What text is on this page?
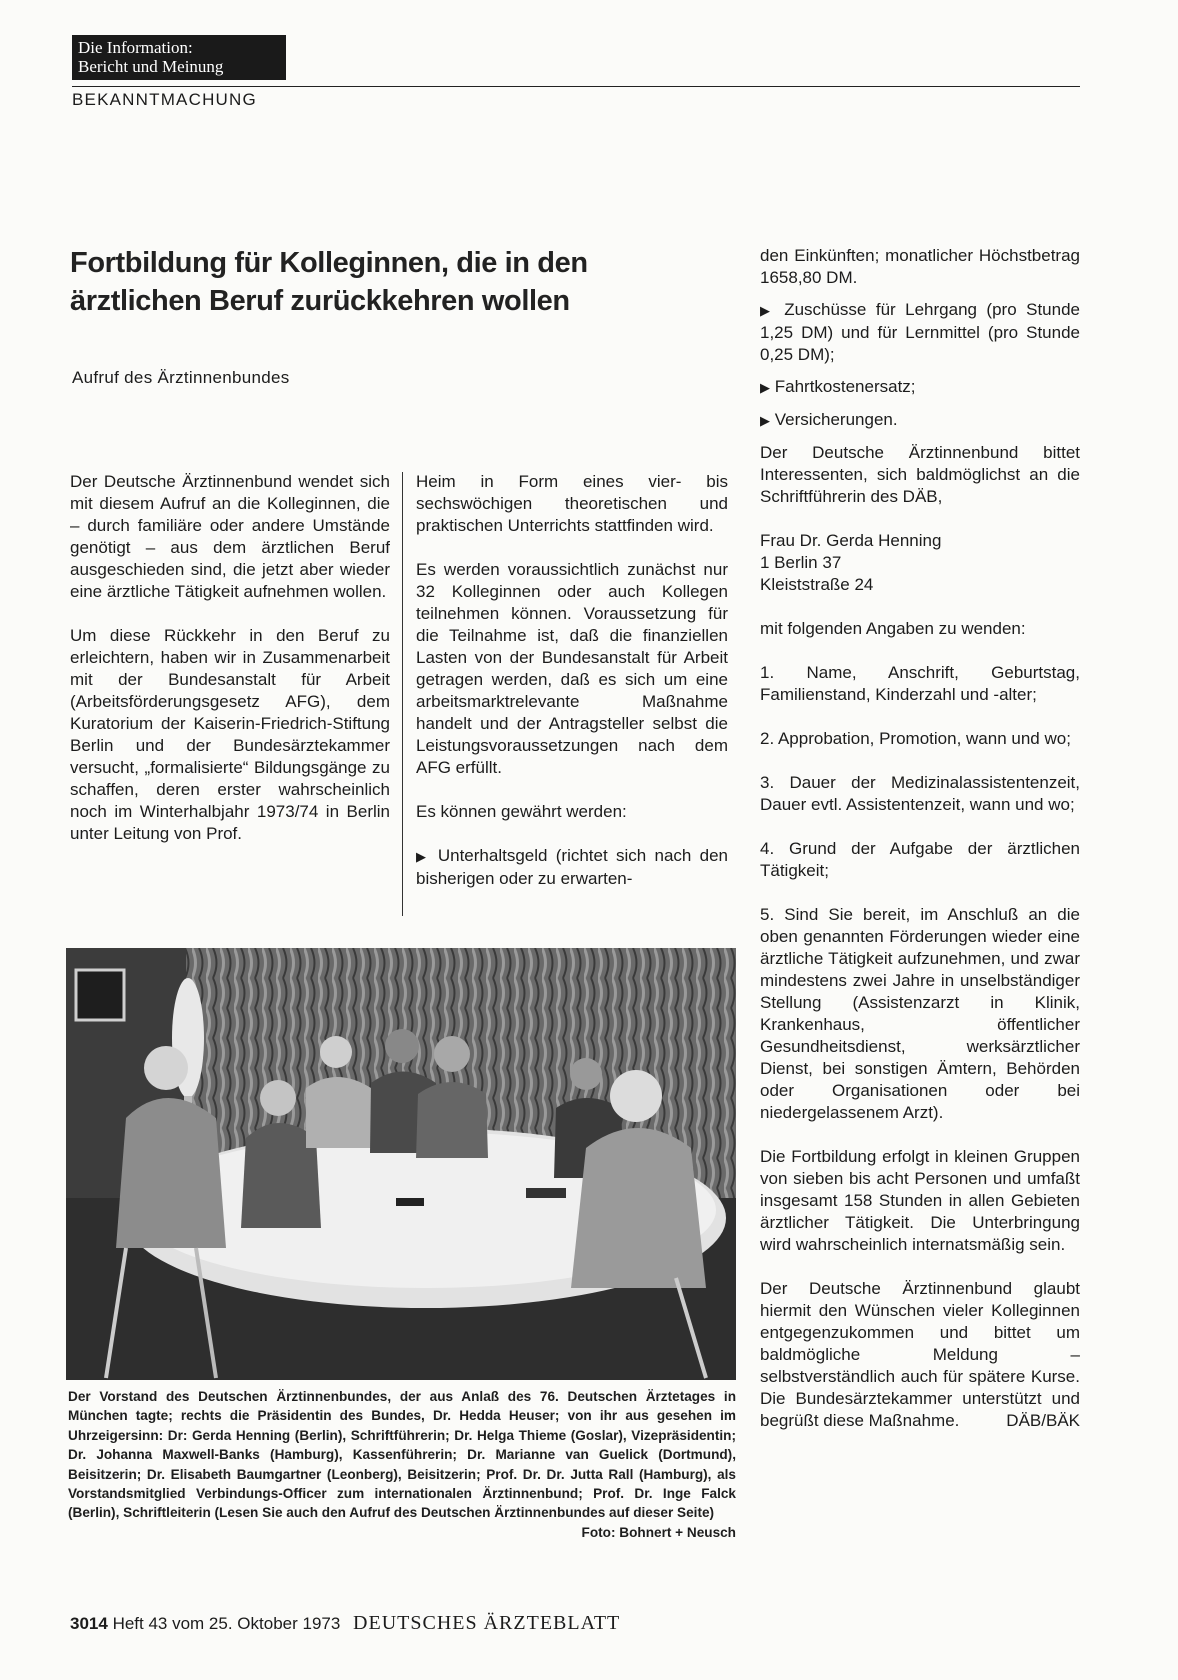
Die Information:
Bericht und Meinung
BEKANNTMACHUNG
Fortbildung für Kolleginnen, die in den
ärztlichen Beruf zurückkehren wollen
Aufruf des Ärztinnenbundes

Der Deutsche Ärztinnenbund wendet sich mit diesem Aufruf an die Kolleginnen, die – durch familiäre oder andere Umstände genötigt – aus dem ärztlichen Beruf ausgeschieden sind, die jetzt aber wieder eine ärztliche Tätigkeit aufnehmen wollen.

Um diese Rückkehr in den Beruf zu erleichtern, haben wir in Zusammenarbeit mit der Bundesanstalt für Arbeit (Arbeitsförderungsgesetz AFG), dem Kuratorium der Kaiserin-Friedrich-Stiftung Berlin und der Bundesärztekammer versucht, „formalisierte“ Bildungsgänge zu schaffen, deren erster wahrscheinlich noch im Winterhalbjahr 1973/74 in Berlin unter Leitung von Prof.

Heim in Form eines vier- bis sechswöchigen theoretischen und praktischen Unterrichts stattfinden wird.

Es werden voraussichtlich zunächst nur 32 Kolleginnen oder auch Kollegen teilnehmen können. Voraussetzung für die Teilnahme ist, daß die finanziellen Lasten von der Bundesanstalt für Arbeit getragen werden, daß es sich um eine arbeitsmarktrelevante Maßnahme handelt und der Antragsteller selbst die Leistungsvoraussetzungen nach dem AFG erfüllt.

Es können gewährt werden:

▶ Unterhaltsgeld (richtet sich nach den bisherigen oder zu erwarten-

den Einkünften; monatlicher Höchstbetrag 1658,80 DM.

▶ Zuschüsse für Lehrgang (pro Stunde 1,25 DM) und für Lernmittel (pro Stunde 0,25 DM);

▶ Fahrtkostenersatz;

▶ Versicherungen.

Der Deutsche Ärztinnenbund bittet Interessenten, sich baldmöglichst an die Schriftführerin des DÄB,

Frau Dr. Gerda Henning
1 Berlin 37
Kleiststraße 24

mit folgenden Angaben zu wenden:

1. Name, Anschrift, Geburtstag, Familienstand, Kinderzahl und -alter;

2. Approbation, Promotion, wann und wo;

3. Dauer der Medizinalassistentenzeit, Dauer evtl. Assistentenzeit, wann und wo;

4. Grund der Aufgabe der ärztlichen Tätigkeit;

5. Sind Sie bereit, im Anschluß an die oben genannten Förderungen wieder eine ärztliche Tätigkeit aufzunehmen, und zwar mindestens zwei Jahre in unselbständiger Stellung (Assistenzarzt in Klinik, Krankenhaus, öffentlicher Gesundheitsdienst, werksärztlicher Dienst, bei sonstigen Ämtern, Behörden oder Organisationen oder bei niedergelassenem Arzt).

Die Fortbildung erfolgt in kleinen Gruppen von sieben bis acht Personen und umfaßt insgesamt 158 Stunden in allen Gebieten ärztlicher Tätigkeit. Die Unterbringung wird wahrscheinlich internatsmäßig sein.

Der Deutsche Ärztinnenbund glaubt hiermit den Wünschen vieler Kolleginnen entgegenzukommen und bittet um baldmögliche Meldung – selbstverständlich auch für spätere Kurse. Die Bundesärztekammer unterstützt und begrüßt diese Maßnahme.	DÄB/BÄK

Der Vorstand des Deutschen Ärztinnenbundes, der aus Anlaß des 76. Deutschen Ärztetages in München tagte; rechts die Präsidentin des Bundes, Dr. Hedda Heuser; von ihr aus gesehen im Uhrzeigersinn: Dr: Gerda Henning (Berlin), Schriftführerin; Dr. Helga Thieme (Goslar), Vizepräsidentin; Dr. Johanna Maxwell-Banks (Hamburg), Kassenführerin; Dr. Marianne van Guelick (Dortmund), Beisitzerin; Dr. Elisabeth Baumgartner (Leonberg), Beisitzerin; Prof. Dr. Dr. Jutta Rall (Hamburg), als Vorstandsmitglied Verbindungs-Officer zum internationalen Ärztinnenbund; Prof. Dr. Inge Falck (Berlin), Schriftleiterin (Lesen Sie auch den Aufruf des Deutschen Ärztinnenbundes auf dieser Seite)
Foto: Bohnert + Neusch
3014 Heft 43 vom 25. Oktober 1973 DEUTSCHES ÄRZTEBLATT
